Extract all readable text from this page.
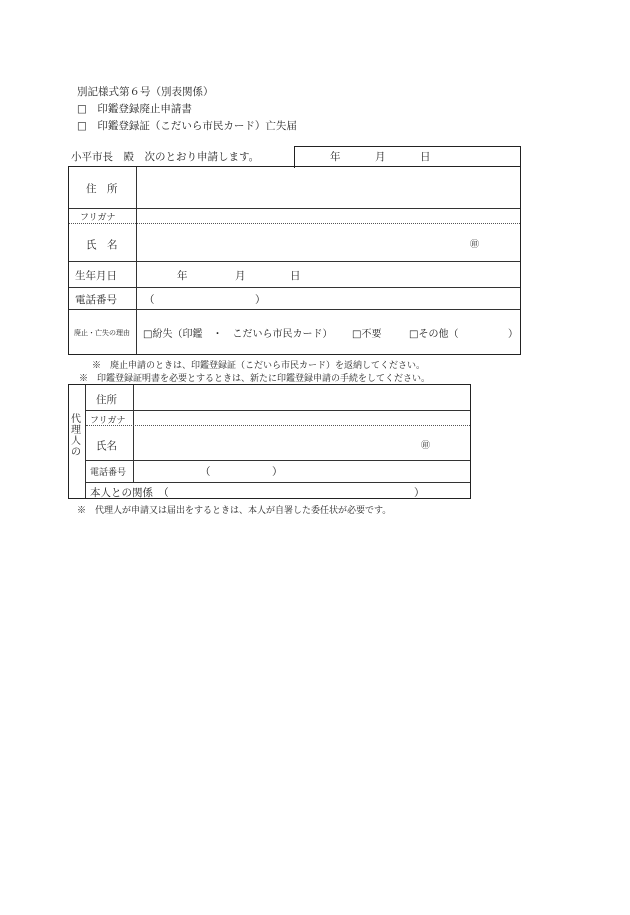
別記様式第６号（別表関係）
□　印鑑登録廃止申請書
□　印鑑登録証（こだいら市民カード）亡失届
小平市長　殿　次のとおり申請します。	年	月	日
住　所
フリガナ
氏　名	㊞
生年月日	年	月	日
電話番号	（	）
廃止・亡失の理由 □紛失（印鑑　・　こだいら市民カード） □不要	□その他（	）
※　廃止申請のときは、印鑑登録証（こだいら市民カード）を返納してください。
※　印鑑登録証明書を必要とするときは、新たに印鑑登録申請の手続をしてください。
代
理
人
の
住所
フリガナ
氏名	㊞
電話番号	（	）
本人との関係　（	）
※　代理人が申請又は届出をするときは、本人が自署した委任状が必要です。
